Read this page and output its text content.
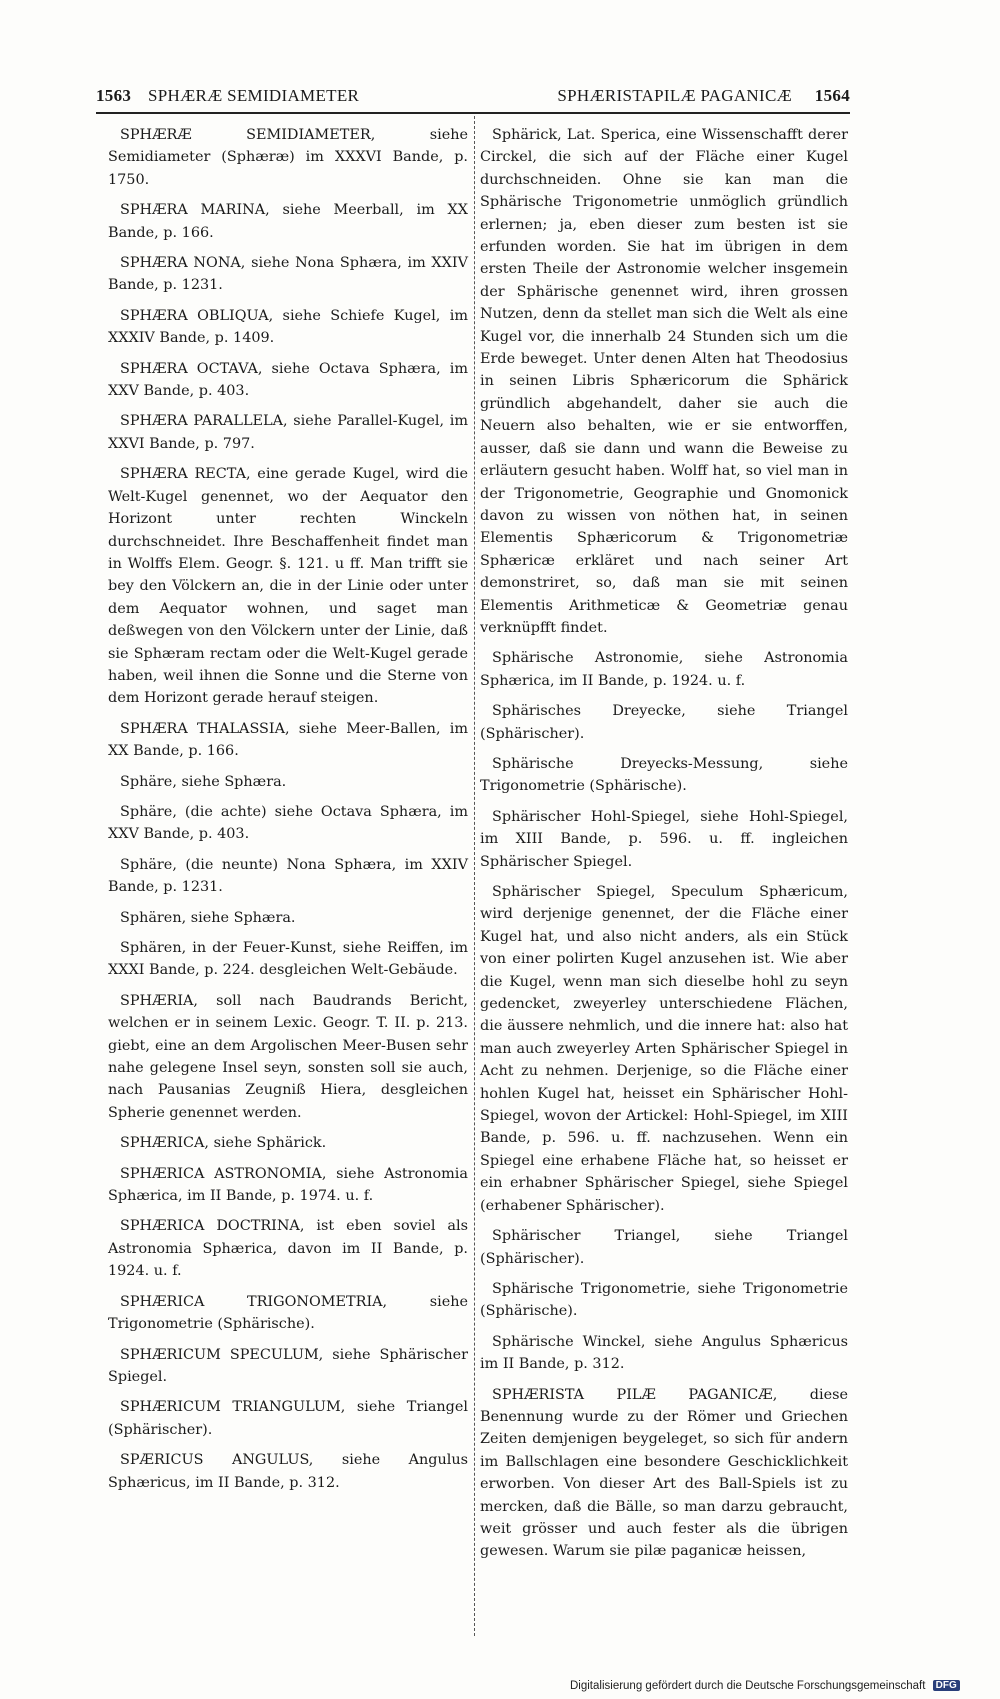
1563 SPHÆRÆ SEMIDIAMETER	SPHÆRISTAPILÆ PAGANICÆ 1564

SPHÆRÆ SEMIDIAMETER, siehe Semidiameter (Sphæræ) im XXXVI Bande, p. 1750.

SPHÆRA MARINA, siehe Meerball, im XX Bande, p. 166.

SPHÆRA NONA, siehe Nona Sphæra, im XXIV Bande, p. 1231.

SPHÆRA OBLIQUA, siehe Schiefe Kugel, im XXXIV Bande, p. 1409.

SPHÆRA OCTAVA, siehe Octava Sphæra, im XXV Bande, p. 403.

SPHÆRA PARALLELA, siehe Parallel-Kugel, im XXVI Bande, p. 797.

SPHÆRA RECTA, eine gerade Kugel, wird die Welt-Kugel genennet, wo der Aequator den Horizont unter rechten Winckeln durchschneidet. Ihre Beschaffenheit findet man in Wolffs Elem. Geogr. §. 121. u ff. Man trifft sie bey den Völckern an, die in der Linie oder unter dem Aequator wohnen, und saget man deßwegen von den Völckern unter der Linie, daß sie Sphæram rectam oder die Welt-Kugel gerade haben, weil ihnen die Sonne und die Sterne von dem Horizont gerade herauf steigen.

SPHÆRA THALASSIA, siehe Meer-Ballen, im XX Bande, p. 166.

Sphäre, siehe Sphæra.

Sphäre, (die achte) siehe Octava Sphæra, im XXV Bande, p. 403.

Sphäre, (die neunte) Nona Sphæra, im XXIV Bande, p. 1231.

Sphären, siehe Sphæra.

Sphären, in der Feuer-Kunst, siehe Reiffen, im XXXI Bande, p. 224. desgleichen Welt-Gebäude.

SPHÆRIA, soll nach Baudrands Bericht, welchen er in seinem Lexic. Geogr. T. II. p. 213. giebt, eine an dem Argolischen Meer-Busen sehr nahe gelegene Insel seyn, sonsten soll sie auch, nach Pausanias Zeugniß Hiera, desgleichen Spherie genennet werden.

SPHÆRICA, siehe Sphärick.

SPHÆRICA ASTRONOMIA, siehe Astronomia Sphærica, im II Bande, p. 1974. u. f.

SPHÆRICA DOCTRINA, ist eben soviel als Astronomia Sphærica, davon im II Bande, p. 1924. u. f.

SPHÆRICA TRIGONOMETRIA, siehe Trigonometrie (Sphärische).

SPHÆRICUM SPECULUM, siehe Sphärischer Spiegel.

SPHÆRICUM TRIANGULUM, siehe Triangel (Sphärischer).

SPÆRICUS ANGULUS, siehe Angulus Sphæricus, im II Bande, p. 312.

Sphärick, Lat. Sperica, eine Wissenschafft derer Circkel, die sich auf der Fläche einer Kugel durchschneiden. Ohne sie kan man die Sphärische Trigonometrie unmöglich gründlich erlernen; ja, eben dieser zum besten ist sie erfunden worden. Sie hat im übrigen in dem ersten Theile der Astronomie welcher insgemein der Sphärische genennet wird, ihren grossen Nutzen, denn da stellet man sich die Welt als eine Kugel vor, die innerhalb 24 Stunden sich um die Erde beweget. Unter denen Alten hat Theodosius in seinen Libris Sphæricorum die Sphärick gründlich abgehandelt, daher sie auch die Neuern also behalten, wie er sie entworffen, ausser, daß sie dann und wann die Beweise zu erläutern gesucht haben. Wolff hat, so viel man in der Trigonometrie, Geographie und Gnomonick davon zu wissen von nöthen hat, in seinen Elementis Sphæricorum & Trigonometriæ Sphæricæ erkläret und nach seiner Art demonstriret, so, daß man sie mit seinen Elementis Arithmeticæ & Geometriæ genau verknüpfft findet.

Sphärische Astronomie, siehe Astronomia Sphærica, im II Bande, p. 1924. u. f.

Sphärisches Dreyecke, siehe Triangel (Sphärischer).

Sphärische Dreyecks-Messung, siehe Trigonometrie (Sphärische).

Sphärischer Hohl-Spiegel, siehe Hohl-Spiegel, im XIII Bande, p. 596. u. ff. ingleichen Sphärischer Spiegel.

Sphärischer Spiegel, Speculum Sphæricum, wird derjenige genennet, der die Fläche einer Kugel hat, und also nicht anders, als ein Stück von einer polirten Kugel anzusehen ist. Wie aber die Kugel, wenn man sich dieselbe hohl zu seyn gedencket, zweyerley unterschiedene Flächen, die äussere nehmlich, und die innere hat: also hat man auch zweyerley Arten Sphärischer Spiegel in Acht zu nehmen. Derjenige, so die Fläche einer hohlen Kugel hat, heisset ein Sphärischer Hohl-Spiegel, wovon der Artickel: Hohl-Spiegel, im XIII Bande, p. 596. u. ff. nachzusehen. Wenn ein Spiegel eine erhabene Fläche hat, so heisset er ein erhabner Sphärischer Spiegel, siehe Spiegel (erhabener Sphärischer).

Sphärischer Triangel, siehe Triangel (Sphärischer).

Sphärische Trigonometrie, siehe Trigonometrie (Sphärische).

Sphärische Winckel, siehe Angulus Sphæricus im II Bande, p. 312.

SPHÆRISTA PILÆ PAGANICÆ, diese Benennung wurde zu der Römer und Griechen Zeiten demjenigen beygeleget, so sich für andern im Ballschlagen eine besondere Geschicklichkeit erworben. Von dieser Art des Ball-Spiels ist zu mercken, daß die Bälle, so man darzu gebraucht, weit grösser und auch fester als die übrigen gewesen. Warum sie pilæ paganicæ heissen,

Digitalisierung gefördert durch die Deutsche Forschungsgemeinschaft DFG
